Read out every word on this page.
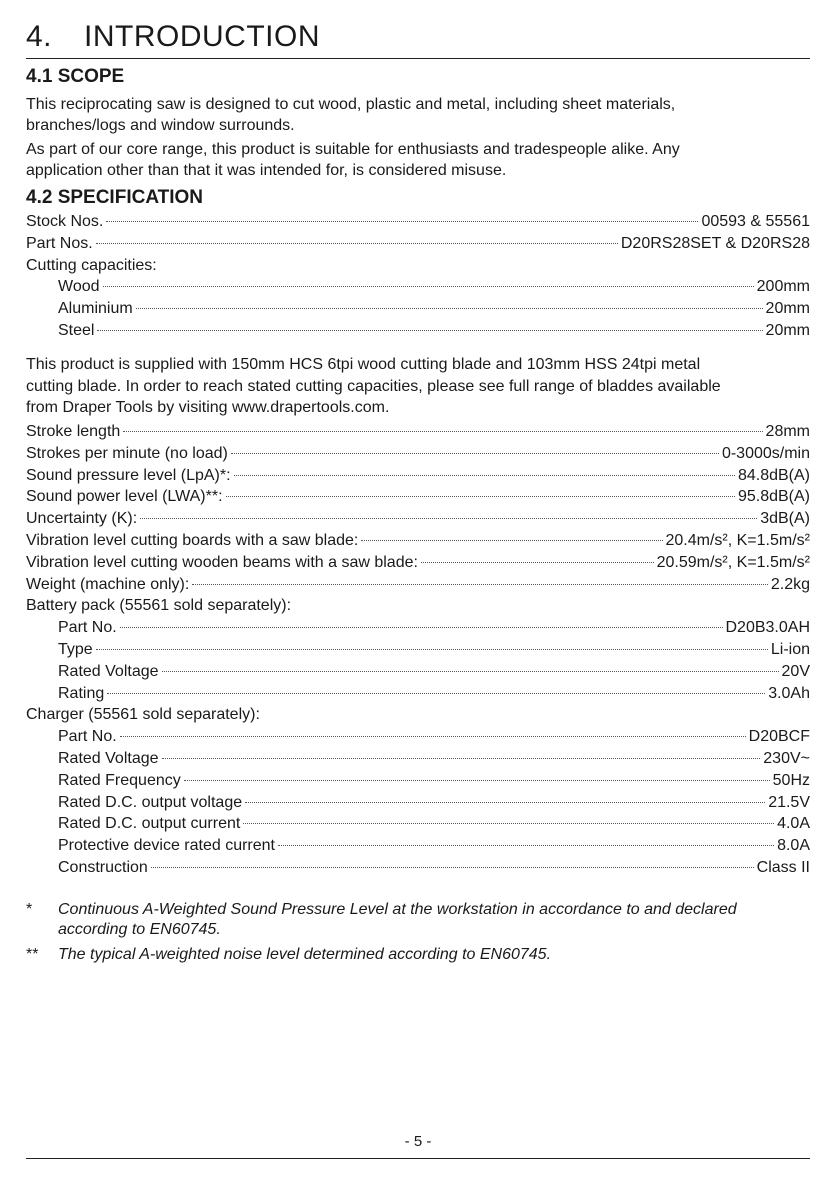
4. INTRODUCTION
4.1 SCOPE

This reciprocating saw is designed to cut wood, plastic and metal, including sheet materials,
branches/logs and window surrounds.

As part of our core range, this product is suitable for enthusiasts and tradespeople alike. Any
application other than that it was intended for, is considered misuse.

4.2 SPECIFICATION
Stock Nos.	00593 & 55561
Part Nos.	D20RS28SET & D20RS28
Cutting capacities:
Wood	200mm
Aluminium	20mm
Steel	20mm

This product is supplied with 150mm HCS 6tpi wood cutting blade and 103mm HSS 24tpi metal
cutting blade. In order to reach stated cutting capacities, please see full range of bladdes available
from Draper Tools by visiting www.drapertools.com.

Stroke length	28mm
Strokes per minute (no load)	0-3000s/min
Sound pressure level (LpA)*:	84.8dB(A)
Sound power level (LWA)**:	95.8dB(A)
Uncertainty (K):	3dB(A)
Vibration level cutting boards with a saw blade:	20.4m/s², K=1.5m/s²
Vibration level cutting wooden beams with a saw blade:	20.59m/s², K=1.5m/s²
Weight (machine only):	2.2kg
Battery pack (55561 sold separately):
Part No.	D20B3.0AH
Type	Li-ion
Rated Voltage	20V
Rating	3.0Ah
Charger (55561 sold separately):
Part No.	D20BCF
Rated Voltage	230V~
Rated Frequency	50Hz
Rated D.C. output voltage	21.5V
Rated D.C. output current	4.0A
Protective device rated current	8.0A
Construction	Class II
*	Continuous A-Weighted Sound Pressure Level at the workstation in accordance to and declared
according to EN60745.
**	The typical A-weighted noise level determined according to EN60745.
- 5 -
